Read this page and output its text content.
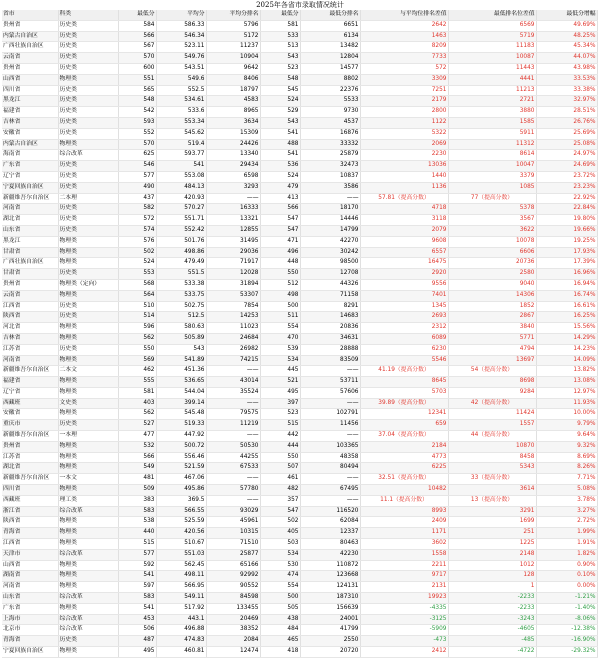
2025年各省市录取情况统计
省市	科类	最低分	平均分	平均分排名	最低分	最低分排名	与平均位排名差值	最低排名位差值	最低分增幅
贵州省	历史类	584	586.33	5796	581	6651	2642	6569	49.69%
内蒙古自治区	历史类	566	546.34	5172	533	6134	1463	5719	48.25%
广西壮族自治区	历史类	567	523.11	11237	513	13482	8209	11183	45.34%
云南省	历史类	570	549.76	10904	543	12804	7733	10087	44.07%
贵州省	历史类	600	543.51	9642	523	14577	572	11443	43.98%
山西省	物理类	551	549.6	8406	548	8802	3309	4441	33.53%
四川省	历史类	565	552.5	18797	545	22376	7251	11213	33.38%
黑龙江	历史类	548	534.61	4583	524	5533	2179	2721	32.97%
福建省	历史类	542	533.6	8965	529	9730	2800	3880	28.51%
吉林省	历史类	593	553.34	3634	543	4537	1122	1585	26.76%
安徽省	历史类	552	545.62	15309	541	16876	5322	5911	25.69%
内蒙古自治区	物理类	570	519.4	24426	488	33332	2069	11312	25.08%
海南省	综合改革	625	593.77	13340	541	25879	2230	8614	24.97%
广东省	历史类	546	541	29434	536	32473	13036	10047	24.69%
辽宁省	历史类	577	553.08	6598	524	10837	1440	3379	23.72%
宁夏回族自治区	历史类	490	484.13	3293	479	3586	1136	1085	23.23%
新疆维吾尔自治区	二本理	437	420.93	——	413	——	57.81（提高分数）	77（提高分数）	22.92%
河南省	历史类	582	570.27	16333	566	18170	4718	5378	22.84%
湖北省	历史类	572	551.71	13321	547	14446	3118	3567	19.80%
山东省	历史类	574	552.42	12855	547	14799	2079	3622	19.66%
黑龙江	物理类	576	501.76	31495	471	42270	9608	10078	19.25%
甘肃省	物理类	502	498.86	29036	496	30242	6557	6606	17.93%
广西壮族自治区	物理类	524	479.49	71917	448	98500	16475	20736	17.39%
甘肃省	历史类	553	551.5	12028	550	12708	2920	2580	16.96%
贵州省	物理类（定向）	568	533.38	31894	512	44326	9556	9040	16.94%
云南省	物理类	564	533.75	53307	498	71158	7401	14306	16.74%
江西省	历史类	510	502.75	7854	500	8291	1345	1852	16.61%
陕西省	历史类	514	512.5	14253	511	14683	2693	2867	16.25%
河北省	物理类	596	580.63	11023	554	20836	2312	3840	15.56%
吉林省	物理类	562	505.89	24684	470	34631	6089	5771	14.29%
江苏省	历史类	550	543	26982	539	28888	6230	4794	14.23%
河南省	物理类	569	541.89	74215	534	83509	5546	13697	14.09%
新疆维吾尔自治区	二本文	462	451.36	——	445	——	41.19（提高分数）	54（提高分数）	13.82%
福建省	物理类	555	536.65	43014	521	53711	8645	8698	13.08%
辽宁省	物理类	581	544.04	35524	495	57606	5703	9284	12.97%
西藏班	文史类	403	399.14	——	397	——	39.89（提高分数）	42（提高分数）	11.93%
安徽省	物理类	562	545.48	79575	523	102791	12341	11424	10.00%
重庆市	历史类	527	519.33	11219	515	11456	659	1557	9.79%
新疆维吾尔自治区	一本理	477	447.92	——	442	——	37.04（提高分数）	44（提高分数）	9.64%
贵州省	物理类	532	500.72	50530	444	103365	2184	10870	9.32%
江苏省	物理类	566	556.46	44255	550	48358	4773	8458	8.69%
湖北省	物理类	549	521.59	67533	507	80494	6225	5343	8.26%
新疆维吾尔自治区	一本文	481	467.06	——	461	——	32.51（提高分数）	33（提高分数）	7.71%
四川省	物理类	509	495.86	57780	482	67495	10482	3614	5.08%
西藏班	理工类	383	369.5	——	357	——	11.1（提高分数）	13（提高分数）	3.78%
浙江省	综合改革	583	566.55	93029	547	116520	8993	3291	3.27%
陕西省	物理类	538	525.59	45961	502	62084	2409	1699	2.72%
青海省	物理类	440	420.56	10315	405	12337	1171	251	1.99%
江西省	物理类	515	510.67	71510	503	80463	3602	1225	1.91%
天津市	综合改革	577	551.03	25877	534	42230	1558	2148	1.82%
山西省	物理类	592	562.45	65166	530	110872	2211	1012	0.90%
湖南省	物理类	541	498.11	92992	474	123668	9717	128	0.10%
河南省	物理类	597	566.95	90552	554	124131	2131	1	0.00%
山东省	综合改革	583	549.11	84598	500	187310	19923	-2233	-1.21%
广东省	物理类	541	517.92	133455	505	156639	-4335	-2233	-1.40%
上海市	综合改革	453	443.1	20469	438	24001	-3125	-3243	-8.06%
北京市	综合改革	506	496.88	38352	484	41799	-5909	-4605	-12.38%
青海省	历史类	487	474.83	2084	465	2550	-473	-485	-16.90%
宁夏回族自治区	物理类	495	460.81	12474	418	20720	2412	-4722	-29.32%
